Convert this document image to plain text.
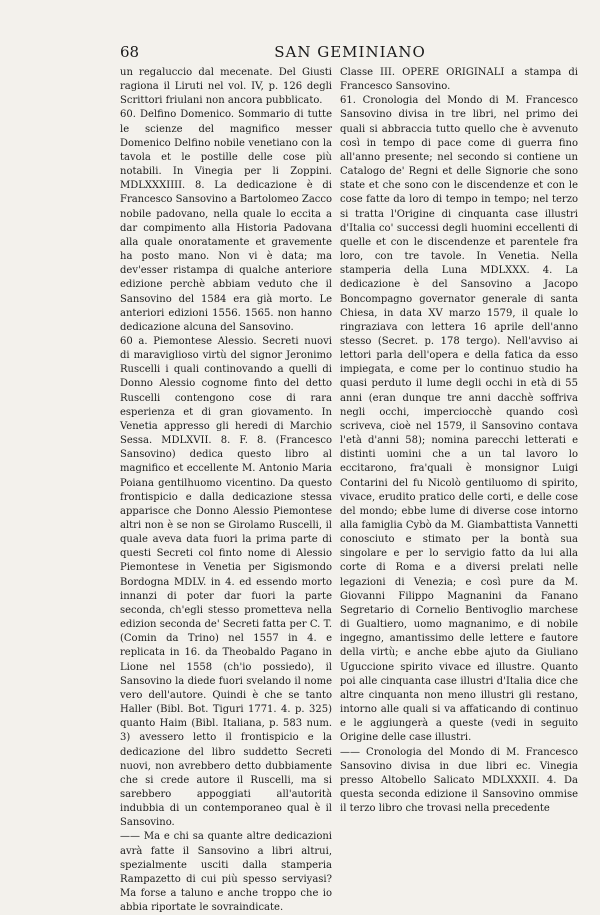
68	SAN GEMINIANO

un regaluccio dal mecenate. Del Giusti ragiona il Liruti nel vol. IV, p. 126 degli Scrittori friulani non ancora pubblicato.

60. Delfino Domenico. Sommario di tutte le scienze del magnifico messer Domenico Delfino nobile venetiano con la tavola et le postille delle cose più notabili. In Vinegia per li Zoppini. MDLXXXIIII. 8. La dedicazione è di Francesco Sansovino a Bartolomeo Zacco nobile padovano, nella quale lo eccita a dar compimento alla Historia Padovana alla quale onoratamente et gravemente ha posto mano. Non vi è data; ma dev'esser ristampa di qualche anteriore edizione perchè abbiam veduto che il Sansovino del 1584 era già morto. Le anteriori edizioni 1556. 1565. non hanno dedicazione alcuna del Sansovino.

60 a. Piemontese Alessio. Secreti nuovi di maraviglioso virtù del signor Jeronimo Ruscelli i quali continovando a quelli di Donno Alessio cognome finto del detto Ruscelli contengono cose di rara esperienza et di gran giovamento. In Venetia appresso gli heredi di Marchio Sessa. MDLXVII. 8. F. 8. (Francesco Sansovino) dedica questo libro al magnifico et eccellente M. Antonio Maria Poiana gentilhuomo vicentino. Da questo frontispicio e dalla dedicazione stessa apparisce che Donno Alessio Piemontese altri non è se non se Girolamo Ruscelli, il quale aveva data fuori la prima parte di questi Secreti col finto nome di Alessio Piemontese in Venetia per Sigismondo Bordogna MDLV. in 4. ed essendo morto innanzi di poter dar fuori la parte seconda, ch'egli stesso prometteva nella edizion seconda de' Secreti fatta per C. T. (Comin da Trino) nel 1557 in 4. e replicata in 16. da Theobaldo Pagano in Lione nel 1558 (ch'io possiedo), il Sansovino la diede fuori svelando il nome vero dell'autore. Quindi è che se tanto Haller (Bibl. Bot. Tiguri 1771. 4. p. 325) quanto Haim (Bibl. Italiana, p. 583 num. 3) avessero letto il frontispicio e la dedicazione del libro suddetto Secreti nuovi, non avrebbero detto dubbiamente che si crede autore il Ruscelli, ma si sarebbero appoggiati all'autorità indubbia di un contemporaneo qual è il Sansovino.

—— Ma e chi sa quante altre dedicazioni avrà fatte il Sansovino a libri altrui, spezialmente usciti dalla stamperia Rampazetto di cui più spesso serviyasi? Ma forse a taluno e anche troppo che io abbia riportate le sovraindicate.

Classe III. OPERE ORIGINALI a stampa di Francesco Sansovino.

61. Cronologia del Mondo di M. Francesco Sansovino divisa in tre libri, nel primo dei quali si abbraccia tutto quello che è avvenuto così in tempo di pace come di guerra fino all'anno presente; nel secondo si contiene un Catalogo de' Regni et delle Signorie che sono state et che sono con le discendenze et con le cose fatte da loro di tempo in tempo; nel terzo si tratta l'Origine di cinquanta case illustri d'Italia co' successi degli huomini eccellenti di quelle et con le discendenze et parentele fra loro, con tre tavole. In Venetia. Nella stamperia della Luna MDLXXX. 4. La dedicazione è del Sansovino a Jacopo Boncompagno governator generale di santa Chiesa, in data XV marzo 1579, il quale lo ringraziava con lettera 16 aprile dell'anno stesso (Secret. p. 178 tergo). Nell'avviso ai lettori parla dell'opera e della fatica da esso impiegata, e come per lo continuo studio ha quasi perduto il lume degli occhi in età di 55 anni (eran dunque tre anni dacchè soffriva negli occhi, imperciocchè quando così scriveva, cioè nel 1579, il Sansovino contava l'età d'anni 58); nomina parecchi letterati e distinti uomini che a un tal lavoro lo eccitarono, fra'quali è monsignor Luigi Contarini del fu Nicolò gentiluomo di spirito, vivace, erudito pratico delle corti, e delle cose del mondo; ebbe lume di diverse cose intorno alla famiglia Cybò da M. Giambattista Vannetti conosciuto e stimato per la bontà sua singolare e per lo servigio fatto da lui alla corte di Roma e a diversi prelati nelle legazioni di Venezia; e così pure da M. Giovanni Filippo Magnanini da Fanano Segretario di Cornelio Bentivoglio marchese di Gualtiero, uomo magnanimo, e di nobile ingegno, amantissimo delle lettere e fautore della virtù; e anche ebbe ajuto da Giuliano Uguccione spirito vivace ed illustre. Quanto poi alle cinquanta case illustri d'Italia dice che altre cinquanta non meno illustri gli restano, intorno alle quali si va affaticando di continuo e le aggiungerà a queste (vedi in seguito Origine delle case illustri.

—— Cronologia del Mondo di M. Francesco Sansovino divisa in due libri ec. Vinegia presso Altobello Salicato MDLXXXII. 4. Da questa seconda edizione il Sansovino ommise il terzo libro che trovasi nella precedente
